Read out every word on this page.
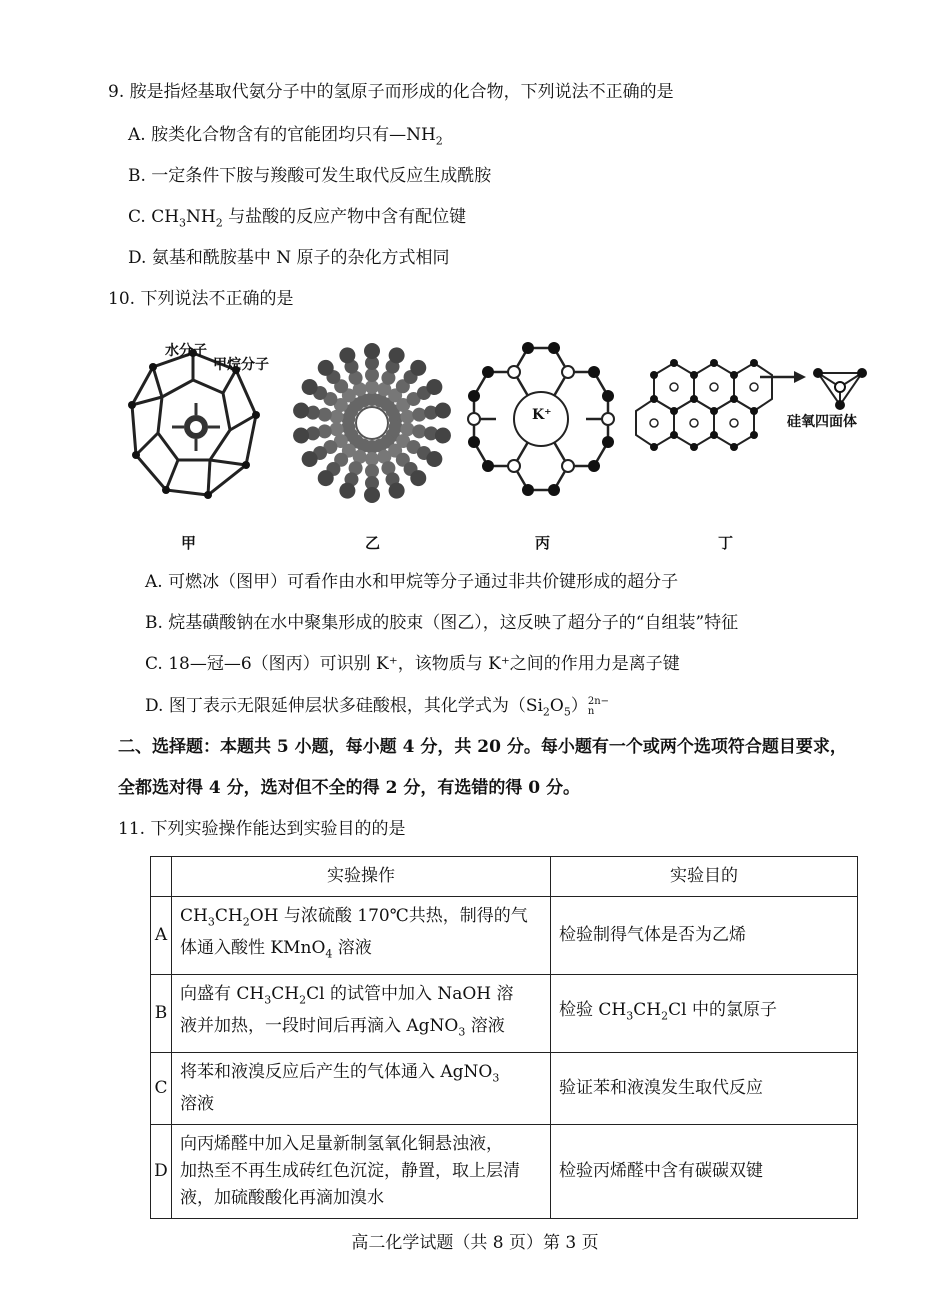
9. 胺是指烃基取代氨分子中的氢原子而形成的化合物，下列说法不正确的是
A. 胺类化合物含有的官能团均只有$—NH_2$
B. 一定条件下胺与羧酸可发生取代反应生成酰胺
C. $CH_3NH_2$ 与盐酸的反应产物中含有配位键
D. 氨基和酰胺基中 N 原子的杂化方式相同
10. 下列说法不正确的是
水分子
甲烷分子
K⁺	硅氧四面体
甲	乙	丙	丁
A. 可燃冰（图甲）可看作由水和甲烷等分子通过非共价键形成的超分子
B. 烷基磺酸钠在水中聚集形成的胶束（图乙），这反映了超分子的“自组装”特征
C. 18—冠—6（图丙）可识别 K⁺，该物质与 K⁺之间的作用力是离子键
D. 图丁表示无限延伸层状多硅酸根，其化学式为$(Si_2O_5)2n-$
n
二、选择题：本题共 5 小题，每小题 4 分，共 20 分。每小题有一个或两个选项符合题目要求，
全都选对得 4 分，选对但不全的得 2 分，有选错的得 0 分。
11. 下列实验操作能达到实验目的的是
	实验操作	实验目的
A	$CH_3CH_2OH$ 与浓硫酸 170℃共热，制得的气
体通入酸性 KMnO$_4$ 溶液	检验制得气体是否为乙烯
B	向盛有 $CH_3CH_2Cl$ 的试管中加入 NaOH 溶
液并加热，一段时间后再滴入 AgNO$_3$ 溶液	检验 $CH_3CH_2Cl$ 中的氯原子
C	将苯和液溴反应后产生的气体通入 AgNO$_3$
溶液	验证苯和液溴发生取代反应
D	向丙烯醛中加入足量新制氢氧化铜悬浊液，
加热至不再生成砖红色沉淀，静置，取上层清
液，加硫酸酸化再滴加溴水	检验丙烯醛中含有碳碳双键
高二化学试题（共 8 页）第 3 页
